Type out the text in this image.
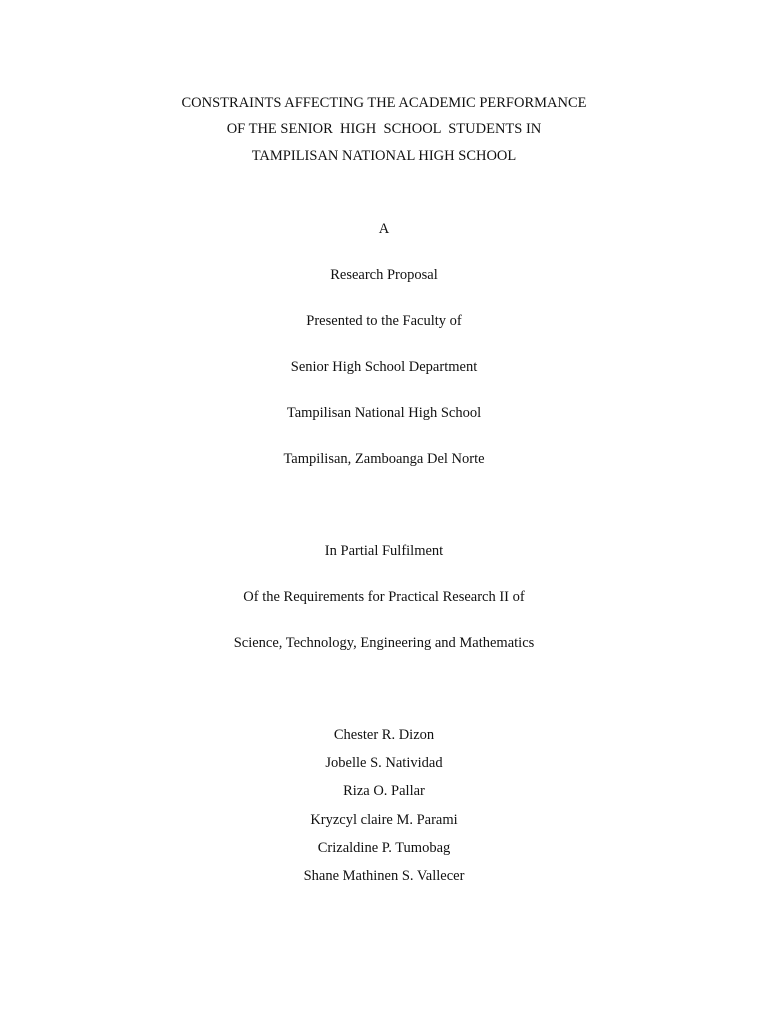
CONSTRAINTS AFFECTING THE ACADEMIC PERFORMANCE
OF THE SENIOR  HIGH  SCHOOL  STUDENTS IN
TAMPILISAN NATIONAL HIGH SCHOOL
A
Research Proposal
Presented to the Faculty of
Senior High School Department
Tampilisan National High School
Tampilisan, Zamboanga Del Norte
In Partial Fulfilment
Of the Requirements for Practical Research II of
Science, Technology, Engineering and Mathematics
Chester R. Dizon
Jobelle S. Natividad
Riza O. Pallar
Kryzcyl claire M. Parami
Crizaldine P. Tumobag
Shane Mathinen S. Vallecer
